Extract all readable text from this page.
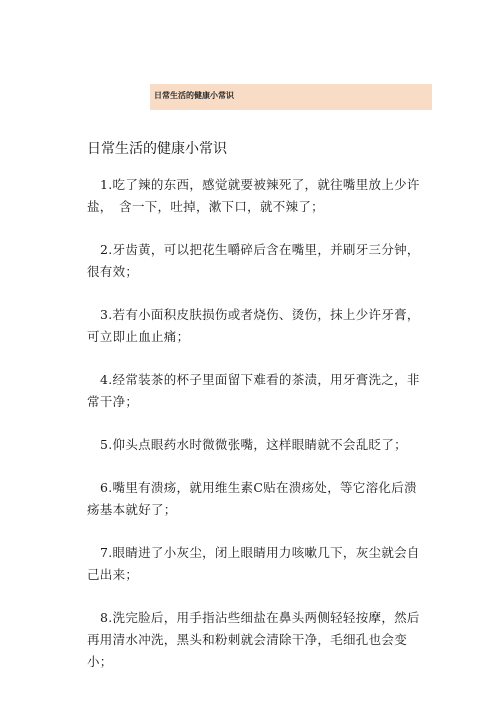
日常生活的健康小常识
日常生活的健康小常识
1.吃了辣的东西，感觉就要被辣死了，就往嘴里放上少许盐，　含一下，吐掉，漱下口，就不辣了；
2.牙齿黄，可以把花生嚼碎后含在嘴里，并刷牙三分钟，很有效；
3.若有小面积皮肤损伤或者烧伤、烫伤，抹上少许牙膏，可立即止血止痛；
4.经常装茶的杯子里面留下难看的茶渍，用牙膏洗之，非常干净；
5.仰头点眼药水时微微张嘴，这样眼睛就不会乱眨了；
6.嘴里有溃疡，就用维生素C贴在溃疡处，等它溶化后溃疡基本就好了；
7.眼睛进了小灰尘，闭上眼睛用力咳嗽几下，灰尘就会自己出来；
8.洗完脸后，用手指沾些细盐在鼻头两侧轻轻按摩，然后再用清水冲洗，黑头和粉刺就会清除干净，毛细孔也会变小；
